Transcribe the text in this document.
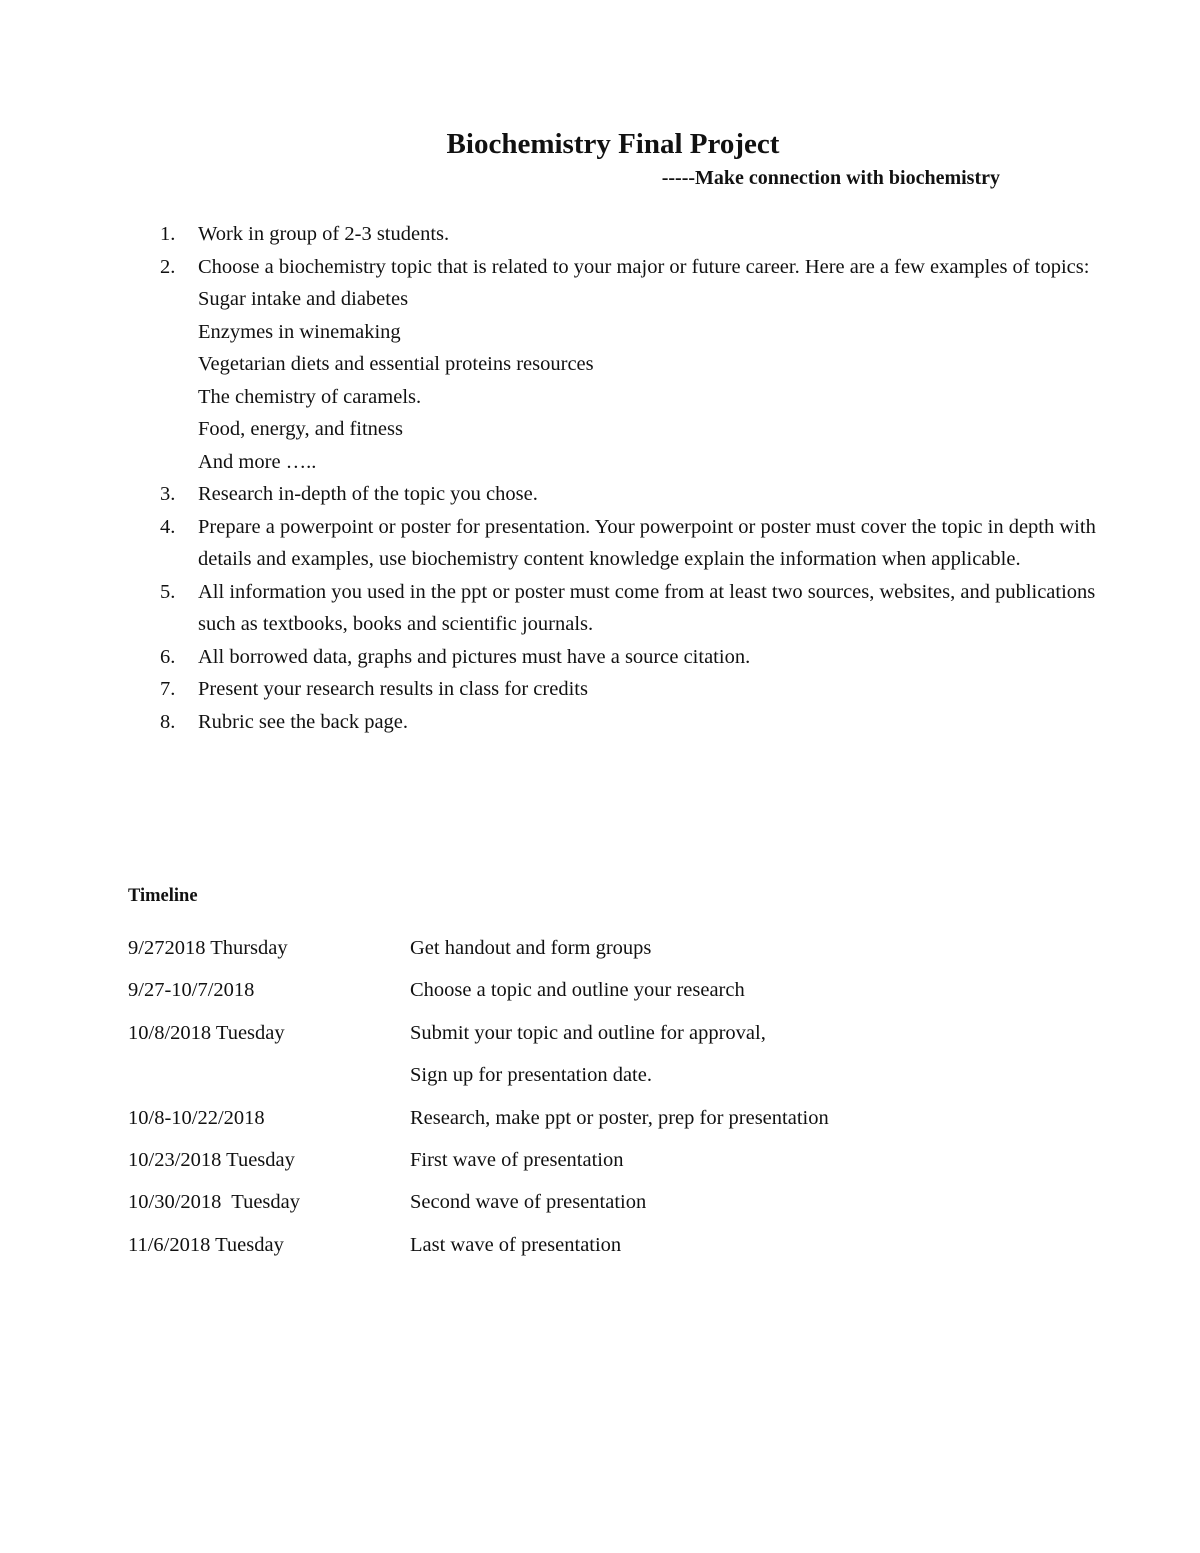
Biochemistry Final Project

-----Make connection with biochemistry

1. Work in group of 2-3 students.
2. Choose a biochemistry topic that is related to your major or future career. Here are a few examples of topics:
Sugar intake and diabetes
Enzymes in winemaking
Vegetarian diets and essential proteins resources
The chemistry of caramels.
Food, energy, and fitness
And more …..
3. Research in-depth of the topic you chose.
4. Prepare a powerpoint or poster for presentation. Your powerpoint or poster must cover the topic in depth with details and examples, use biochemistry content knowledge explain the information when applicable.
5. All information you used in the ppt or poster must come from at least two sources, websites, and publications such as textbooks, books and scientific journals.
6. All borrowed data, graphs and pictures must have a source citation.
7. Present your research results in class for credits
8. Rubric see the back page.
Timeline
9/272018 Thursday	Get handout and form groups
9/27-10/7/2018	Choose a topic and outline your research
10/8/2018 Tuesday	Submit your topic and outline for approval,
Sign up for presentation date.
10/8-10/22/2018	Research, make ppt or poster, prep for presentation
10/23/2018 Tuesday	First wave of presentation
10/30/2018  Tuesday	Second wave of presentation
11/6/2018 Tuesday	Last wave of presentation
